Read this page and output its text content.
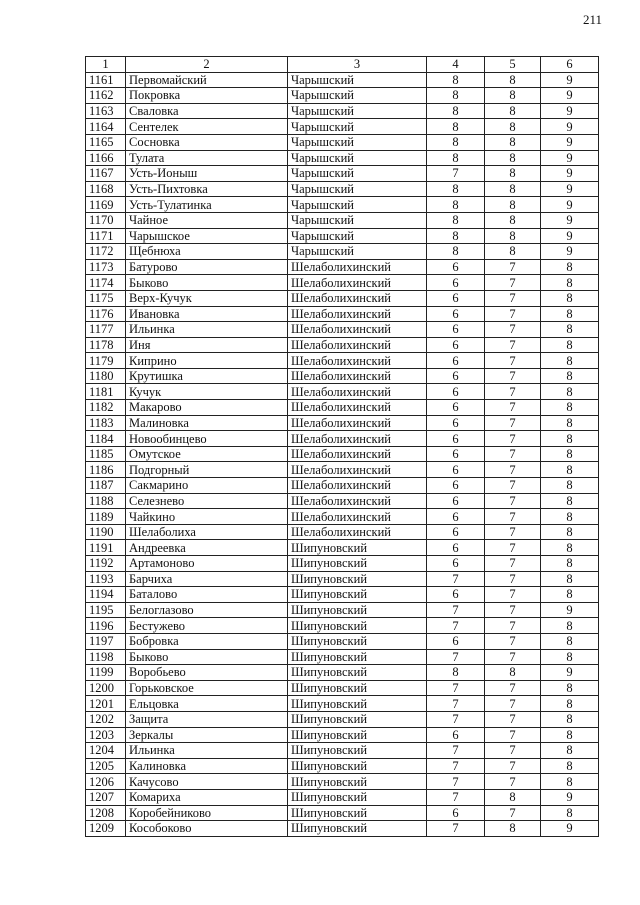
211
1	2	3	4	5	6
1161	Первомайский	Чарышский	8	8	9
1162	Покровка	Чарышский	8	8	9
1163	Сваловка	Чарышский	8	8	9
1164	Сентелек	Чарышский	8	8	9
1165	Сосновка	Чарышский	8	8	9
1166	Тулата	Чарышский	8	8	9
1167	Усть-Ионыш	Чарышский	7	8	9
1168	Усть-Пихтовка	Чарышский	8	8	9
1169	Усть-Тулатинка	Чарышский	8	8	9
1170	Чайное	Чарышский	8	8	9
1171	Чарышское	Чарышский	8	8	9
1172	Щебнюха	Чарышский	8	8	9
1173	Батурово	Шелаболихинский	6	7	8
1174	Быково	Шелаболихинский	6	7	8
1175	Верх-Кучук	Шелаболихинский	6	7	8
1176	Ивановка	Шелаболихинский	6	7	8
1177	Ильинка	Шелаболихинский	6	7	8
1178	Иня	Шелаболихинский	6	7	8
1179	Киприно	Шелаболихинский	6	7	8
1180	Крутишка	Шелаболихинский	6	7	8
1181	Кучук	Шелаболихинский	6	7	8
1182	Макарово	Шелаболихинский	6	7	8
1183	Малиновка	Шелаболихинский	6	7	8
1184	Новообинцево	Шелаболихинский	6	7	8
1185	Омутское	Шелаболихинский	6	7	8
1186	Подгорный	Шелаболихинский	6	7	8
1187	Сакмарино	Шелаболихинский	6	7	8
1188	Селезнево	Шелаболихинский	6	7	8
1189	Чайкино	Шелаболихинский	6	7	8
1190	Шелаболиха	Шелаболихинский	6	7	8
1191	Андреевка	Шипуновский	6	7	8
1192	Артамоново	Шипуновский	6	7	8
1193	Барчиха	Шипуновский	7	7	8
1194	Баталово	Шипуновский	6	7	8
1195	Белоглазово	Шипуновский	7	7	9
1196	Бестужево	Шипуновский	7	7	8
1197	Бобровка	Шипуновский	6	7	8
1198	Быково	Шипуновский	7	7	8
1199	Воробьево	Шипуновский	8	8	9
1200	Горьковское	Шипуновский	7	7	8
1201	Ельцовка	Шипуновский	7	7	8
1202	Защита	Шипуновский	7	7	8
1203	Зеркалы	Шипуновский	6	7	8
1204	Ильинка	Шипуновский	7	7	8
1205	Калиновка	Шипуновский	7	7	8
1206	Качусово	Шипуновский	7	7	8
1207	Комариха	Шипуновский	7	8	9
1208	Коробейниково	Шипуновский	6	7	8
1209	Кособоково	Шипуновский	7	8	9
